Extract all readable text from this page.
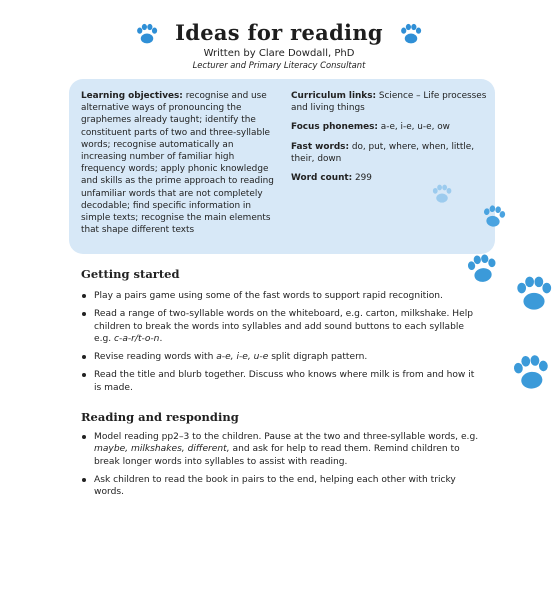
Ideas for reading
Written by Clare Dowdall, PhD
Lecturer and Primary Literacy Consultant
Learning objectives: recognise and use alternative ways of pronouncing the graphemes already taught; identify the constituent parts of two and three-syllable words; recognise automatically an increasing number of familiar high frequency words; apply phonic knowledge and skills as the prime approach to reading unfamiliar words that are not completely decodable; find specific information in simple texts; recognise the main elements that shape different texts

Curriculum links: Science – Life processes and living things

Focus phonemes: a-e, i-e, u-e, ow

Fast words: do, put, where, when, little, their, down

Word count: 299

Getting started
Play a pairs game using some of the fast words to support rapid recognition.
Read a range of two-syllable words on the whiteboard, e.g. carton, milkshake. Help children to break the words into syllables and add sound buttons to each syllable e.g. c-a-r/t-o-n.
Revise reading words with a-e, i-e, u-e split digraph pattern.
Read the title and blurb together. Discuss who knows where milk is from and how it is made.
Reading and responding
Model reading pp2–3 to the children. Pause at the two and three-syllable words, e.g. maybe, milkshakes, different, and ask for help to read them. Remind children to break longer words into syllables to assist with reading.
Ask children to read the book in pairs to the end, helping each other with tricky words.
